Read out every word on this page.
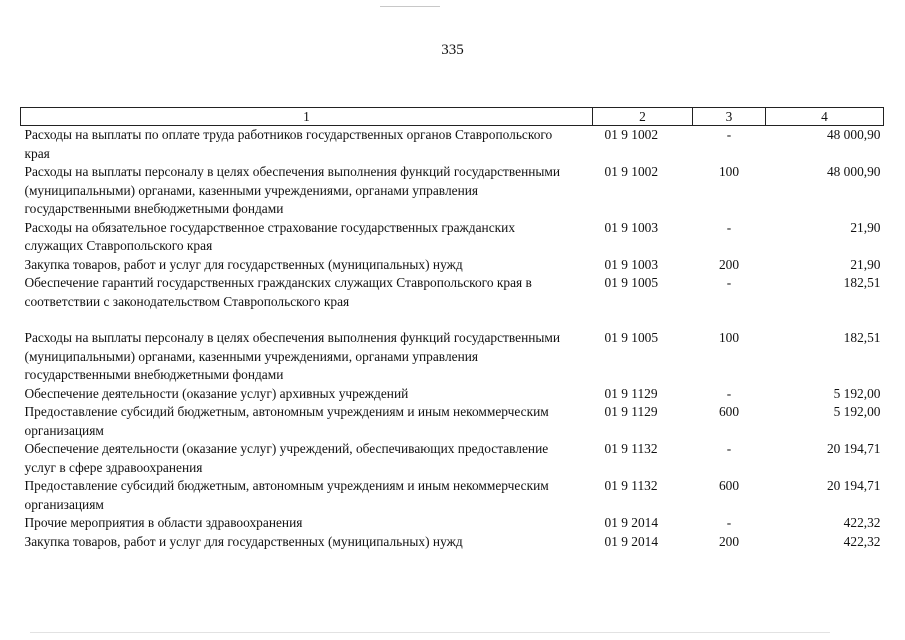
335
1	2	3	4
Расходы на выплаты по оплате труда работников государственных органов Ставропольского края	01 9 1002	-	48 000,90
Расходы на выплаты персоналу в целях обеспечения выполнения функций государственными (муниципальными) органами, казенными учреждениями, органами управления государственными внебюджетными фондами	01 9 1002	100	48 000,90
Расходы на обязательное государственное страхование государственных гражданских служащих Ставропольского края	01 9 1003	-	21,90
Закупка товаров, работ и услуг для государственных (муниципальных) нужд	01 9 1003	200	21,90
Обеспечение гарантий государственных гражданских служащих Ставропольского края в соответствии с законодательством Ставропольского края	01 9 1005	-	182,51

Расходы на выплаты персоналу в целях обеспечения выполнения функций государственными (муниципальными) органами, казенными учреждениями, органами управления государственными внебюджетными фондами	01 9 1005	100	182,51
Обеспечение деятельности (оказание услуг) архивных учреждений	01 9 1129	-	5 192,00
Предоставление субсидий бюджетным, автономным учреждениям и иным некоммерческим организациям	01 9 1129	600	5 192,00
Обеспечение деятельности (оказание услуг) учреждений, обеспечивающих предоставление услуг в сфере здравоохранения	01 9 1132	-	20 194,71
Предоставление субсидий бюджетным, автономным учреждениям и иным некоммерческим организациям	01 9 1132	600	20 194,71
Прочие мероприятия в области здравоохранения	01 9 2014	-	422,32
Закупка товаров, работ и услуг для государственных (муниципальных) нужд	01 9 2014	200	422,32
